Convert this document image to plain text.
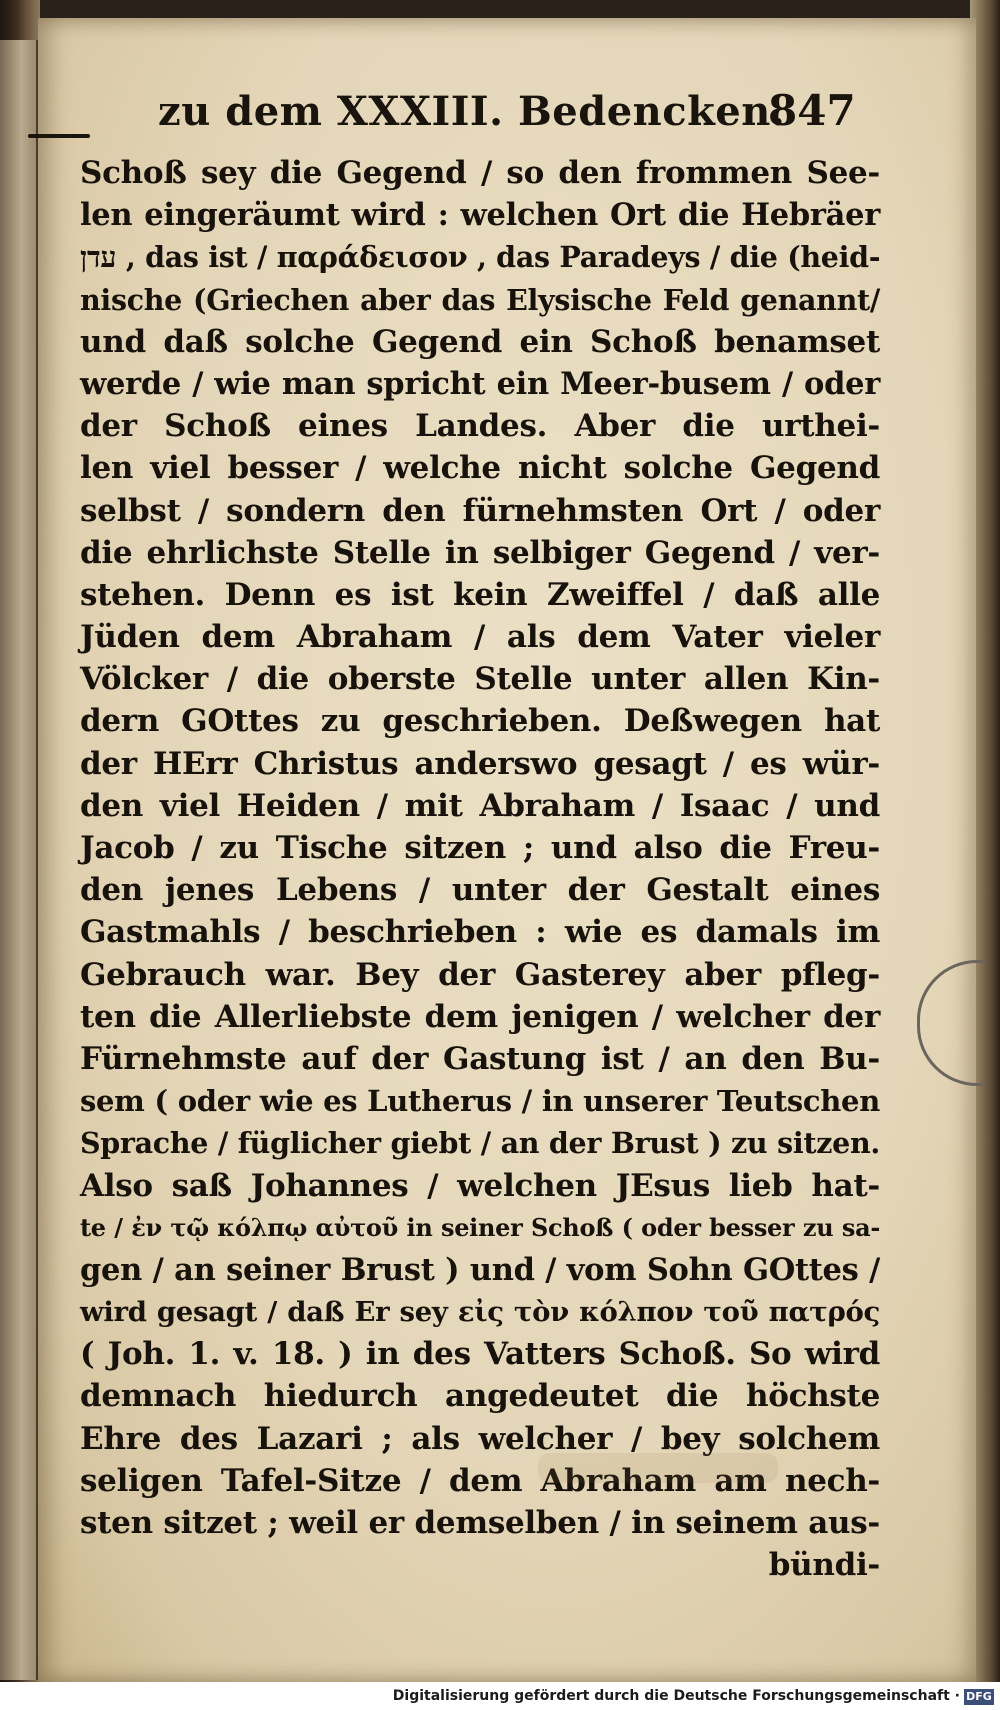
zu dem XXXIII. Bedencken.
847
Schoß sey die Gegend / so den frommen See-
len eingeräumt wird : welchen Ort die Hebräer
עדן , das ist / παράδεισον , das Paradeys / die (heid-
nische (Griechen aber das Elysische Feld genannt/
und daß solche Gegend ein Schoß benamset
werde / wie man spricht ein Meer-busem / oder
der Schoß eines Landes. Aber die urthei-
len viel besser / welche nicht solche Gegend
selbst / sondern den fürnehmsten Ort / oder
die ehrlichste Stelle in selbiger Gegend / ver-
stehen. Denn es ist kein Zweiffel / daß alle
Jüden dem Abraham / als dem Vater vieler
Völcker / die oberste Stelle unter allen Kin-
dern GOttes zu geschrieben. Deßwegen hat
der HErr Christus anderswo gesagt / es wür-
den viel Heiden / mit Abraham / Isaac / und
Jacob / zu Tische sitzen ; und also die Freu-
den jenes Lebens / unter der Gestalt eines
Gastmahls / beschrieben : wie es damals im
Gebrauch war. Bey der Gasterey aber pfleg-
ten die Allerliebste dem jenigen / welcher der
Fürnehmste auf der Gastung ist / an den Bu-
sem ( oder wie es Lutherus / in unserer Teutschen
Sprache / füglicher giebt / an der Brust ) zu sitzen.
Also saß Johannes / welchen JEsus lieb hat-
te / ἐν τῷ κόλπῳ αὐτοῦ in seiner Schoß ( oder besser zu sa-
gen / an seiner Brust ) und / vom Sohn GOttes /
wird gesagt / daß Er sey εἰς τὸν κόλπον τοῦ πατρός
( Joh. 1. v. 18. ) in des Vatters Schoß. So wird
demnach hiedurch angedeutet die höchste
Ehre des Lazari ; als welcher / bey solchem
seligen Tafel-Sitze / dem Abraham am nech-
sten sitzet ; weil er demselben / in seinem aus-
bündi-
Digitalisierung gefördert durch die Deutsche Forschungsgemeinschaft · DFG
